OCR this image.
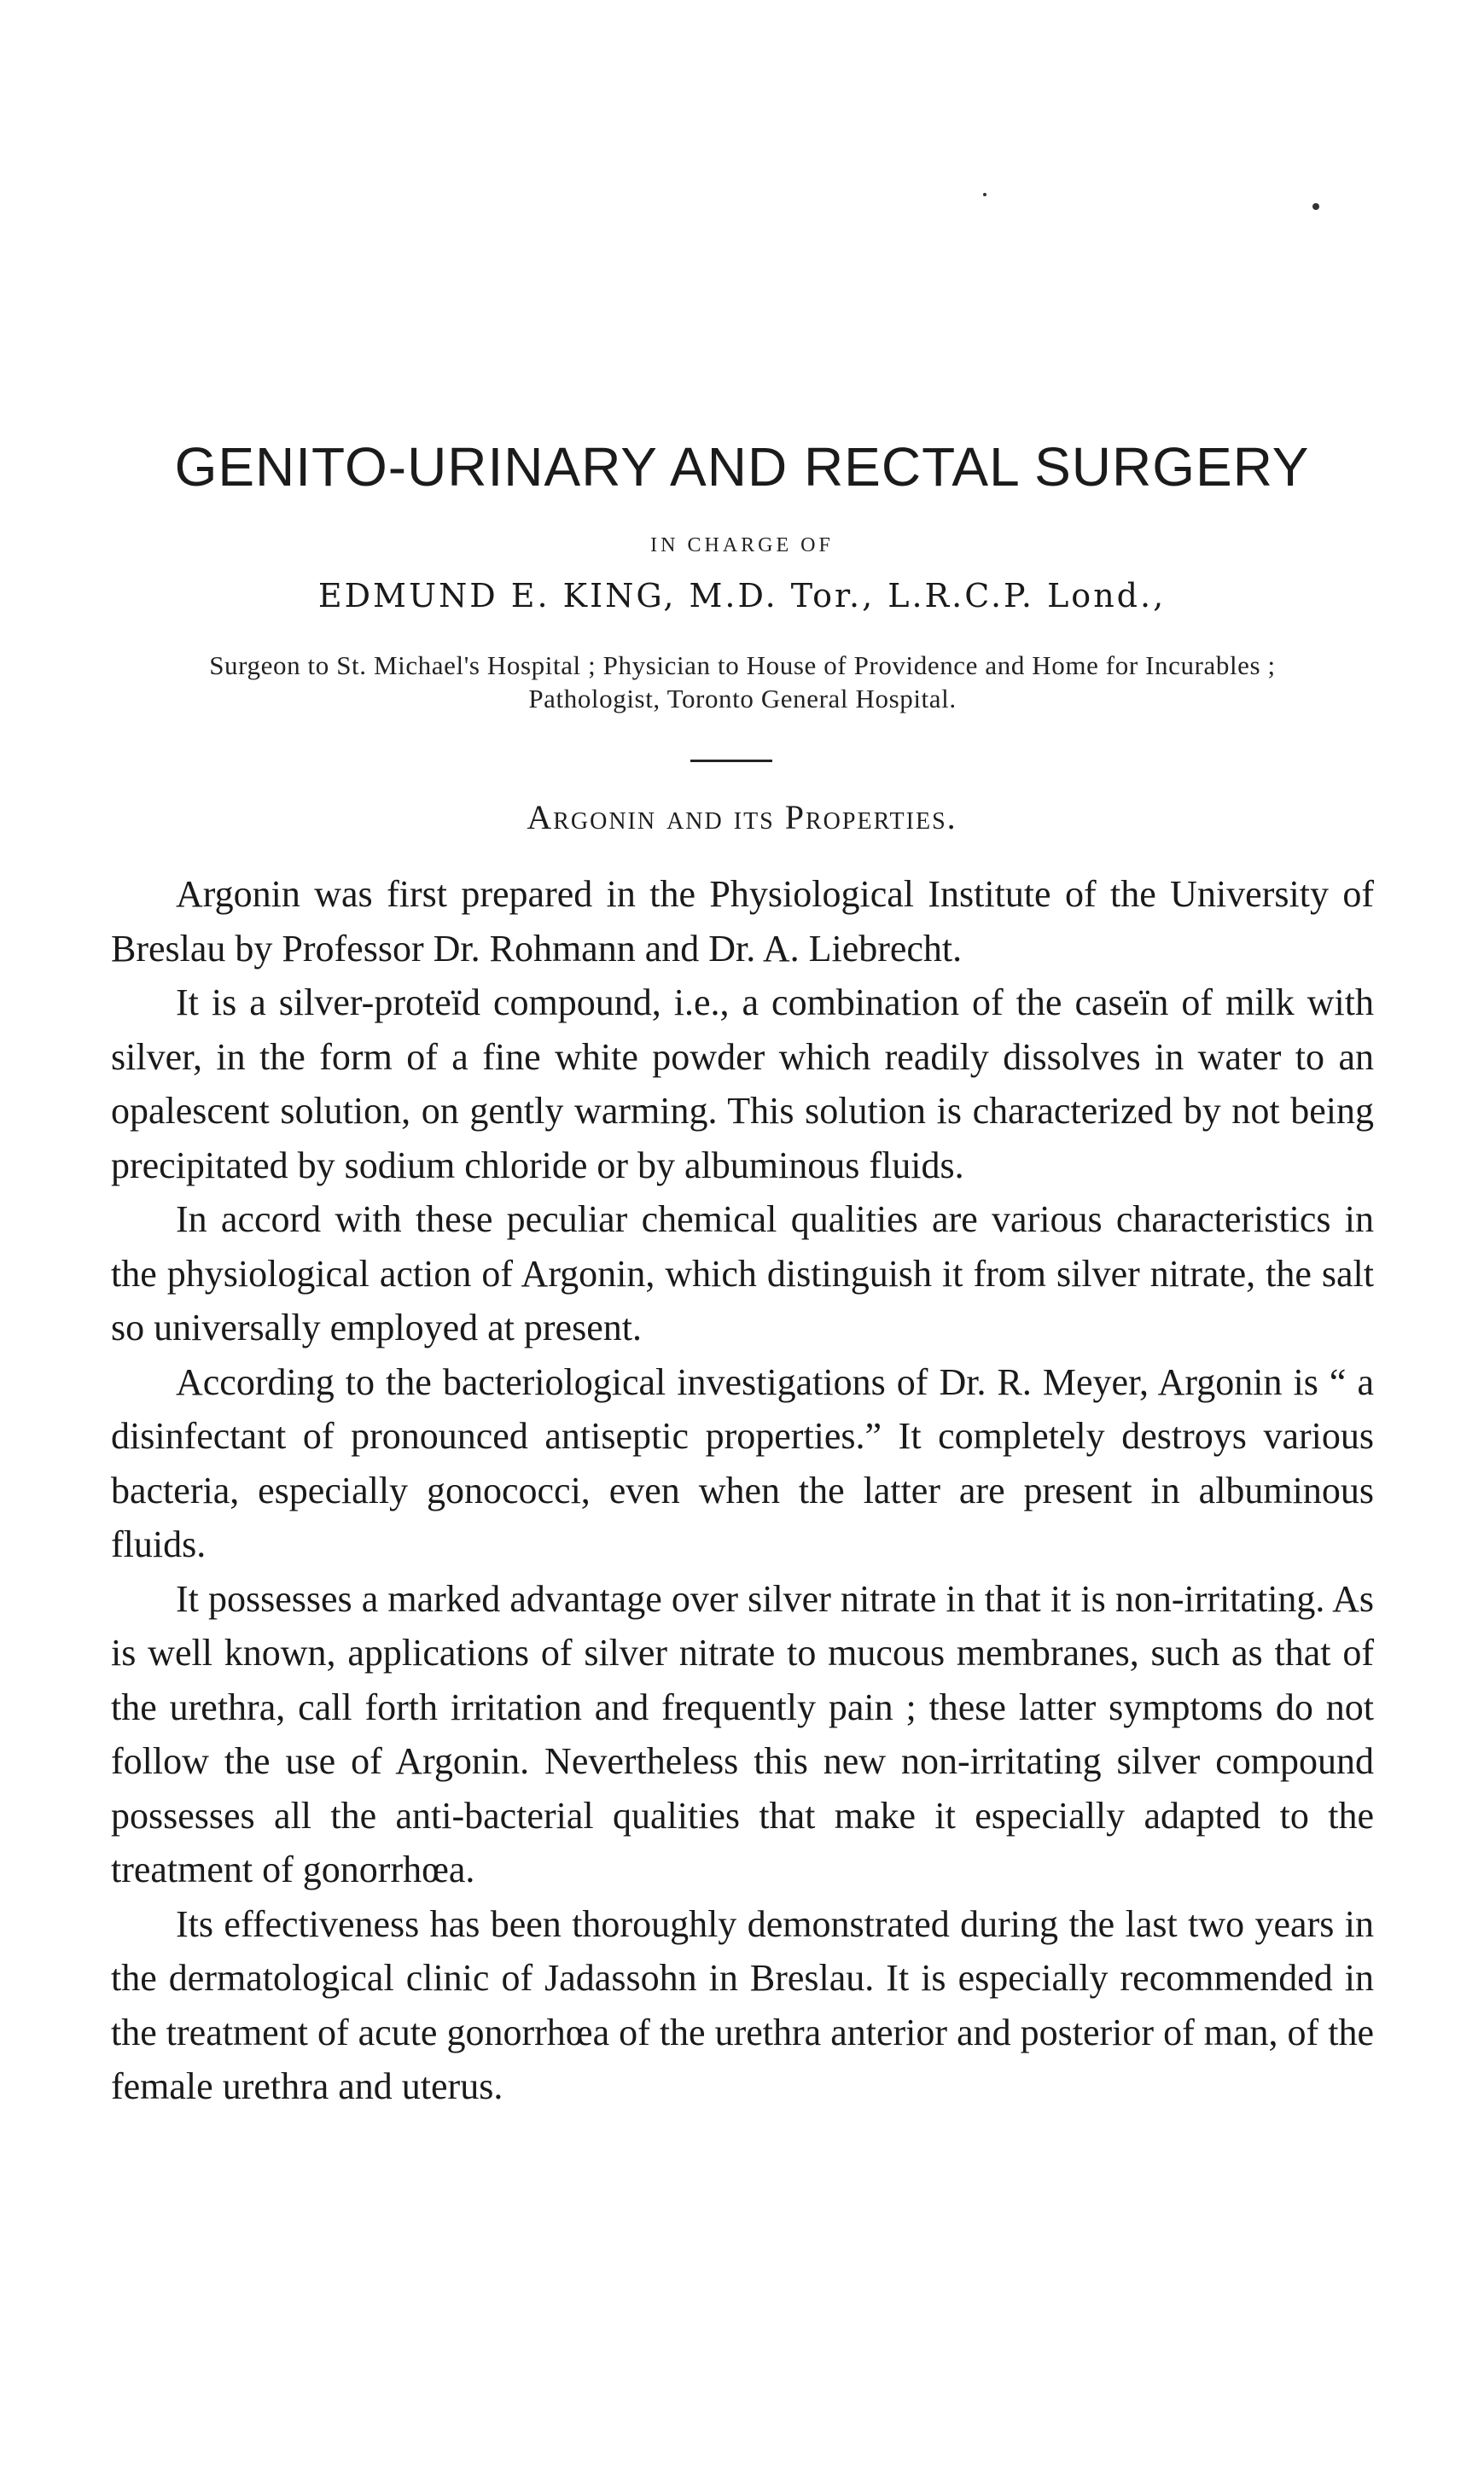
GENITO-URINARY AND RECTAL SURGERY
IN CHARGE OF
EDMUND E. KING, M.D. Tor., L.R.C.P. Lond.,
Surgeon to St. Michael's Hospital ; Physician to House of Providence and Home for Incurables ; Pathologist, Toronto General Hospital.
Argonin and its Properties.

Argonin was first prepared in the Physiological Institute of the University of Breslau by Professor Dr. Rohmann and Dr. A. Liebrecht.

It is a silver-proteïd compound, i.e., a combination of the caseïn of milk with silver, in the form of a fine white powder which readily dissolves in water to an opalescent solution, on gently warming. This solution is characterized by not being precipitated by sodium chloride or by albuminous fluids.

In accord with these peculiar chemical qualities are various characteristics in the physiological action of Argonin, which distinguish it from silver nitrate, the salt so universally employed at present.

According to the bacteriological investigations of Dr. R. Meyer, Argonin is “ a disinfectant of pronounced antiseptic properties.” It completely destroys various bacteria, especially gonococci, even when the latter are present in albuminous fluids.

It possesses a marked advantage over silver nitrate in that it is non-irritating. As is well known, applications of silver nitrate to mucous membranes, such as that of the urethra, call forth irritation and frequently pain ; these latter symptoms do not follow the use of Argonin. Nevertheless this new non-irritating silver compound possesses all the anti-bacterial qualities that make it especially adapted to the treatment of gonorrhœa.

Its effectiveness has been thoroughly demonstrated during the last two years in the dermatological clinic of Jadassohn in Breslau. It is especially recommended in the treatment of acute gonorrhœa of the urethra anterior and posterior of man, of the female urethra and uterus.
